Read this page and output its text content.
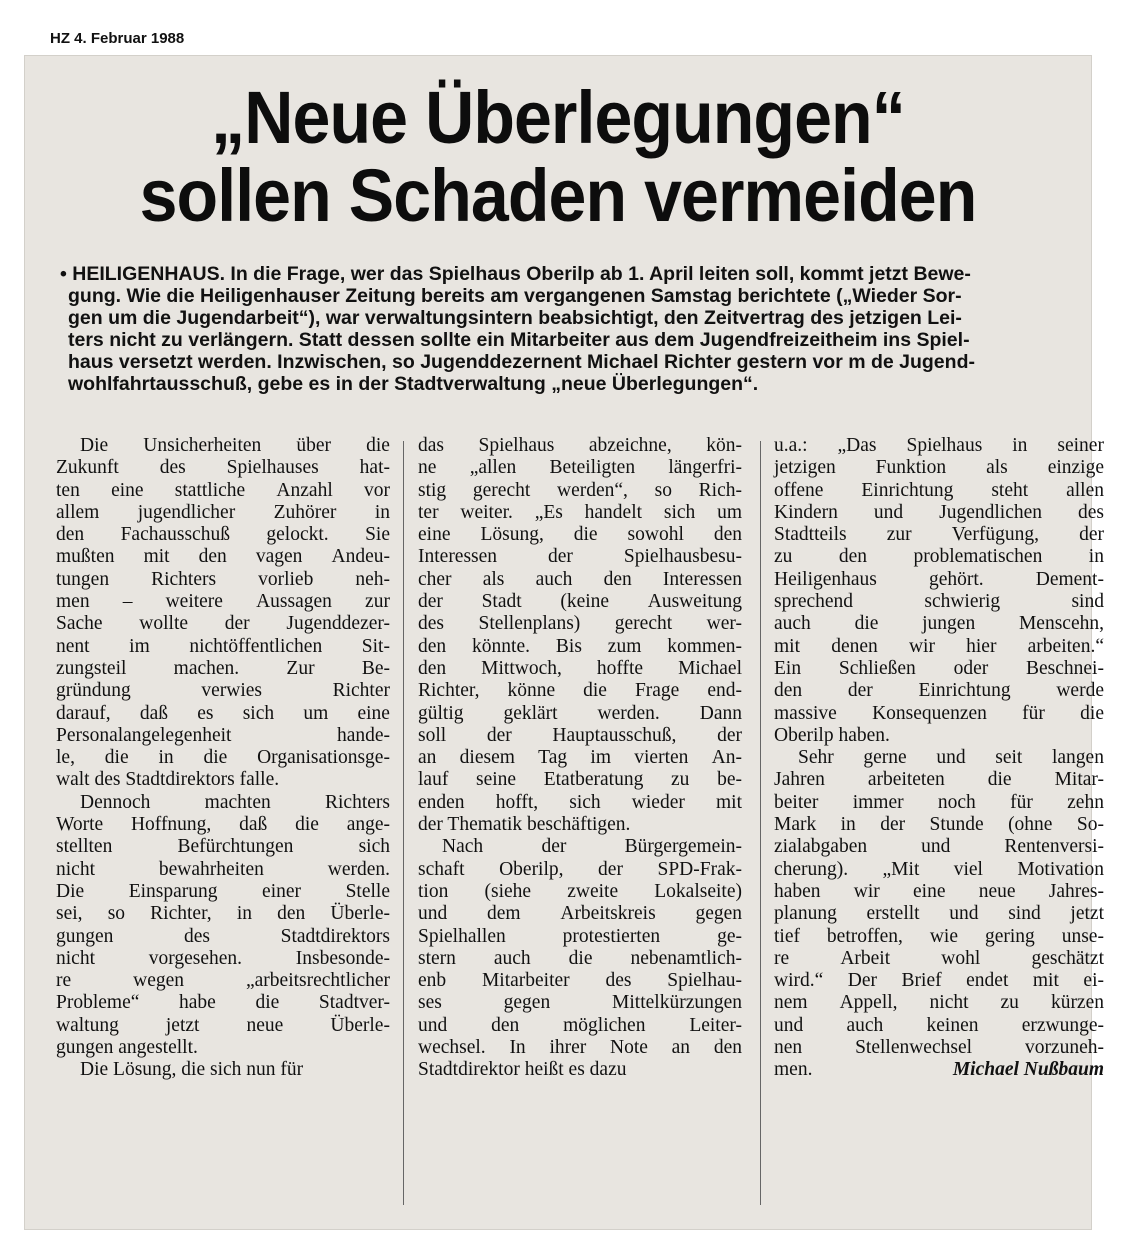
HZ 4. Februar 1988
„Neue Überlegungen“
sollen Schaden vermeiden
• HEILIGENHAUS. In die Frage, wer das Spielhaus Oberilp ab 1. April leiten soll, kommt jetzt Bewe-
gung. Wie die Heiligenhauser Zeitung bereits am vergangenen Samstag berichtete („Wieder Sor-
gen um die Jugendarbeit“), war verwaltungsintern beabsichtigt, den Zeitvertrag des jetzigen Lei-
ters nicht zu verlängern. Statt dessen sollte ein Mitarbeiter aus dem Jugendfreizeitheim ins Spiel-
haus versetzt werden. Inzwischen, so Jugenddezernent Michael Richter gestern vor m de Jugend-
wohlfahrtausschuß, gebe es in der Stadtverwaltung „neue Überlegungen“.
Die Unsicherheiten über die
Zukunft des Spielhauses hat-
ten eine stattliche Anzahl vor
allem jugendlicher Zuhörer in
den Fachausschuß gelockt. Sie
mußten mit den vagen Andeu-
tungen Richters vorlieb neh-
men – weitere Aussagen zur
Sache wollte der Jugenddezer-
nent im nichtöffentlichen Sit-
zungsteil machen. Zur Be-
gründung	verwies	Richter
darauf, daß es sich um eine
Personalangelegenheit	hande-
le, die in die Organisationsge-
walt des Stadtdirektors falle.
Dennoch	machten	Richters
Worte Hoffnung, daß die ange-
stellten	Befürchtungen	sich
nicht	bewahrheiten	werden.
Die Einsparung einer Stelle
sei, so Richter, in den Überle-
gungen	des	Stadtdirektors
nicht	vorgesehen.	Insbesonde-
re	wegen	„arbeitsrechtlicher
Probleme“ habe die Stadtver-
waltung jetzt neue Überle-
gungen angestellt.
Die Lösung, die sich nun für
das Spielhaus abzeichne, kön-
ne „allen Beteiligten längerfri-
stig gerecht werden“, so Rich-
ter weiter. „Es handelt sich um
eine Lösung, die sowohl den
Interessen	der	Spielhausbesu-
cher als auch den Interessen
der Stadt (keine Ausweitung
des Stellenplans) gerecht wer-
den könnte. Bis zum kommen-
den Mittwoch, hoffte Michael
Richter, könne die Frage end-
gültig geklärt werden. Dann
soll der Hauptausschuß, der
an diesem Tag im vierten An-
lauf seine Etatberatung zu be-
enden hofft, sich wieder mit
der Thematik beschäftigen.
Nach	der	Bürgergemein-
schaft Oberilp, der SPD-Frak-
tion (siehe zweite Lokalseite)
und dem Arbeitskreis gegen
Spielhallen	protestierten	ge-
stern auch die nebenamtlich-
enb Mitarbeiter des Spielhau-
ses	gegen	Mittelkürzungen
und den möglichen Leiter-
wechsel. In ihrer Note an den
Stadtdirektor heißt es dazu
u.a.: „Das Spielhaus in seiner
jetzigen Funktion als einzige
offene Einrichtung steht allen
Kindern und Jugendlichen des
Stadtteils zur Verfügung, der
zu den problematischen in
Heiligenhaus	gehört.	Dement-
sprechend	schwierig	sind
auch die jungen Menscehn,
mit denen wir hier arbeiten.“
Ein Schließen oder Beschnei-
den der Einrichtung werde
massive Konsequenzen für die
Oberilp haben.
Sehr gerne und seit langen
Jahren arbeiteten die Mitar-
beiter immer noch für zehn
Mark in der Stunde (ohne So-
zialabgaben	und	Rentenversi-
cherung). „Mit viel Motivation
haben wir eine neue Jahres-
planung erstellt und sind jetzt
tief betroffen, wie gering unse-
re	Arbeit	wohl	geschätzt
wird.“ Der Brief endet mit ei-
nem Appell, nicht zu kürzen
und auch keinen erzwunge-
nen	Stellenwechsel	vorzuneh-
men.	Michael Nußbaum
